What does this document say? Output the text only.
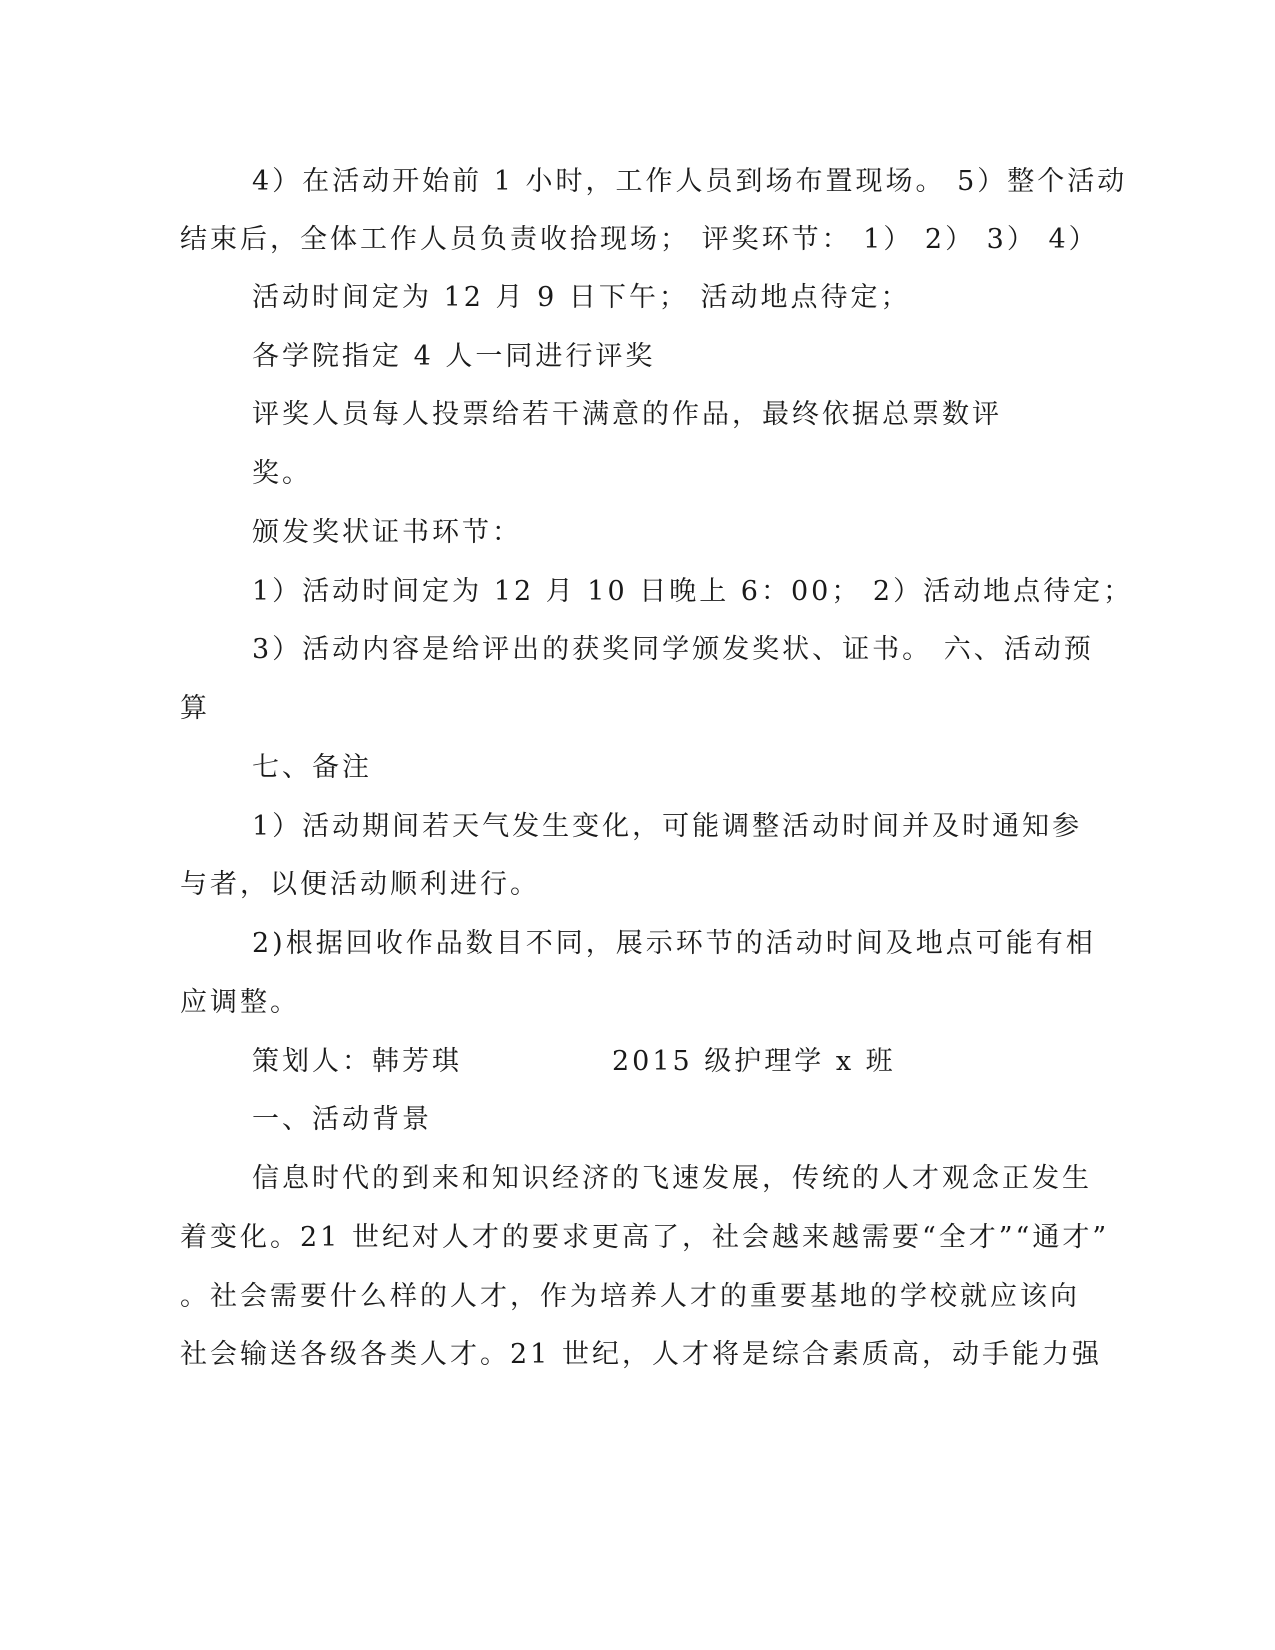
4）在活动开始前 1 小时，工作人员到场布置现场。 5）整个活动
结束后，全体工作人员负责收拾现场； 评奖环节： 1） 2） 3） 4）
活动时间定为 12 月 9 日下午； 活动地点待定；
各学院指定 4 人一同进行评奖
评奖人员每人投票给若干满意的作品，最终依据总票数评
奖。
颁发奖状证书环节：
1）活动时间定为 12 月 10 日晚上 6：00； 2）活动地点待定；
3）活动内容是给评出的获奖同学颁发奖状、证书。 六、活动预
算
七、备注
1）活动期间若天气发生变化，可能调整活动时间并及时通知参
与者，以便活动顺利进行。
2)根据回收作品数目不同，展示环节的活动时间及地点可能有相
应调整。
策划人：韩芳琪	2015 级护理学 x 班
一、活动背景
信息时代的到来和知识经济的飞速发展，传统的人才观念正发生
着变化。21 世纪对人才的要求更高了，社会越来越需要“全才”“通才”
。社会需要什么样的人才，作为培养人才的重要基地的学校就应该向
社会输送各级各类人才。21 世纪，人才将是综合素质高，动手能力强
